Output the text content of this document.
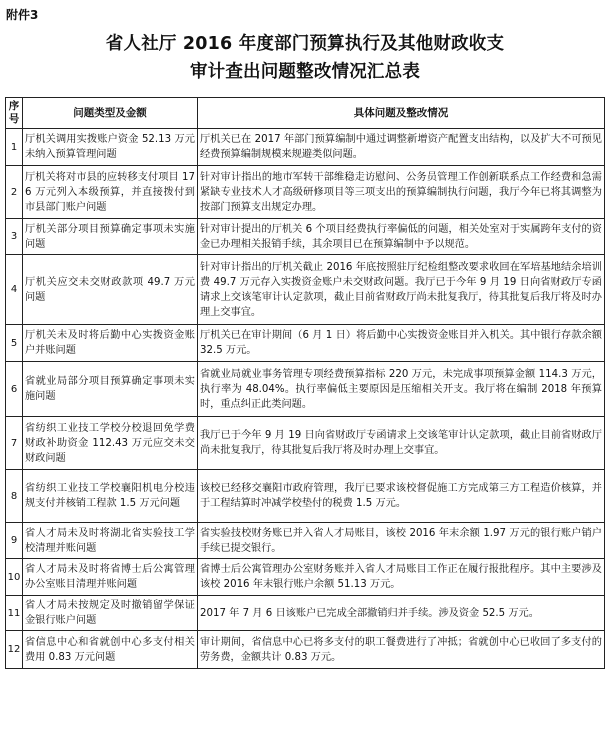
附件3
省人社厅 2016 年度部门预算执行及其他财政收支
审计查出问题整改情况汇总表
序
号	问题类型及金额	具体问题及整改情况
1	厅机关调用实拨账户资金 52.13 万元未纳入预算管理问题	厅机关已在 2017 年部门预算编制中通过调整新增资产配置支出结构，以及扩大不可预见经费预算编制规模来规避类似问题。
2	厅机关将对市县的应转移支付项目 176 万元列入本级预算，并直接拨付到市县部门账户问题	针对审计指出的地市军转干部维稳走访慰问、公务员管理工作创新联系点工作经费和急需紧缺专业技术人才高级研修项目等三项支出的预算编制执行问题，我厅今年已将其调整为按部门预算支出规定办理。
3	厅机关部分项目预算确定事项未实施问题	针对审计提出的厅机关 6 个项目经费执行率偏低的问题，相关处室对于实属跨年支付的资金已办理相关报销手续，其余项目已在预算编制中予以规范。
4	厅机关应交未交财政款项 49.7 万元问题	针对审计指出的厅机关截止 2016 年底按照驻厅纪检组整改要求收回在军培基地结余培训费 49.7 万元存入实拨资金账户未交财政问题。我厅已于今年 9 月 19 日向省财政厅专函请求上交该笔审计认定款项，截止目前省财政厅尚未批复我厅，待其批复后我厅将及时办理上交事宜。
5	厅机关未及时将后勤中心实拨资金账户并账问题	厅机关已在审计期间（6 月 1 日）将后勤中心实拨资金账目并入机关。其中银行存款余额 32.5 万元。
6	省就业局部分项目预算确定事项未实施问题	省就业局就业事务管理专项经费预算指标 220 万元，未完成事项预算金额 114.3 万元，执行率为 48.04%。执行率偏低主要原因是压缩相关开支。我厅将在编制 2018 年预算时，重点纠正此类问题。
7	省纺织工业技工学校分校退回免学费财政补助资金 112.43 万元应交未交财政问题	我厅已于今年 9 月 19 日向省财政厅专函请求上交该笔审计认定款项，截止目前省财政厅尚未批复我厅，待其批复后我厅将及时办理上交事宜。
8	省纺织工业技工学校襄阳机电分校违规支付并核销工程款 1.5 万元问题	该校已经移交襄阳市政府管理，我厅已要求该校督促施工方完成第三方工程造价核算，并于工程结算时冲减学校垫付的税费 1.5 万元。
9	省人才局未及时将湖北省实验技工学校清理并账问题	省实验技校财务账已并入省人才局账目，该校 2016 年末余额 1.97 万元的银行账户销户手续已提交银行。
10	省人才局未及时将省博士后公寓管理办公室账目清理并账问题	省博士后公寓管理办公室财务账并入省人才局账目工作正在履行报批程序。其中主要涉及该校 2016 年末银行账户余额 51.13 万元。
11	省人才局未按规定及时撤销留学保证金银行账户问题	2017 年 7 月 6 日该账户已完成全部撤销归并手续。涉及资金 52.5 万元。
12	省信息中心和省就创中心多支付相关费用 0.83 万元问题	审计期间，省信息中心已将多支付的职工餐费进行了冲抵；省就创中心已收回了多支付的劳务费，金额共计 0.83 万元。
